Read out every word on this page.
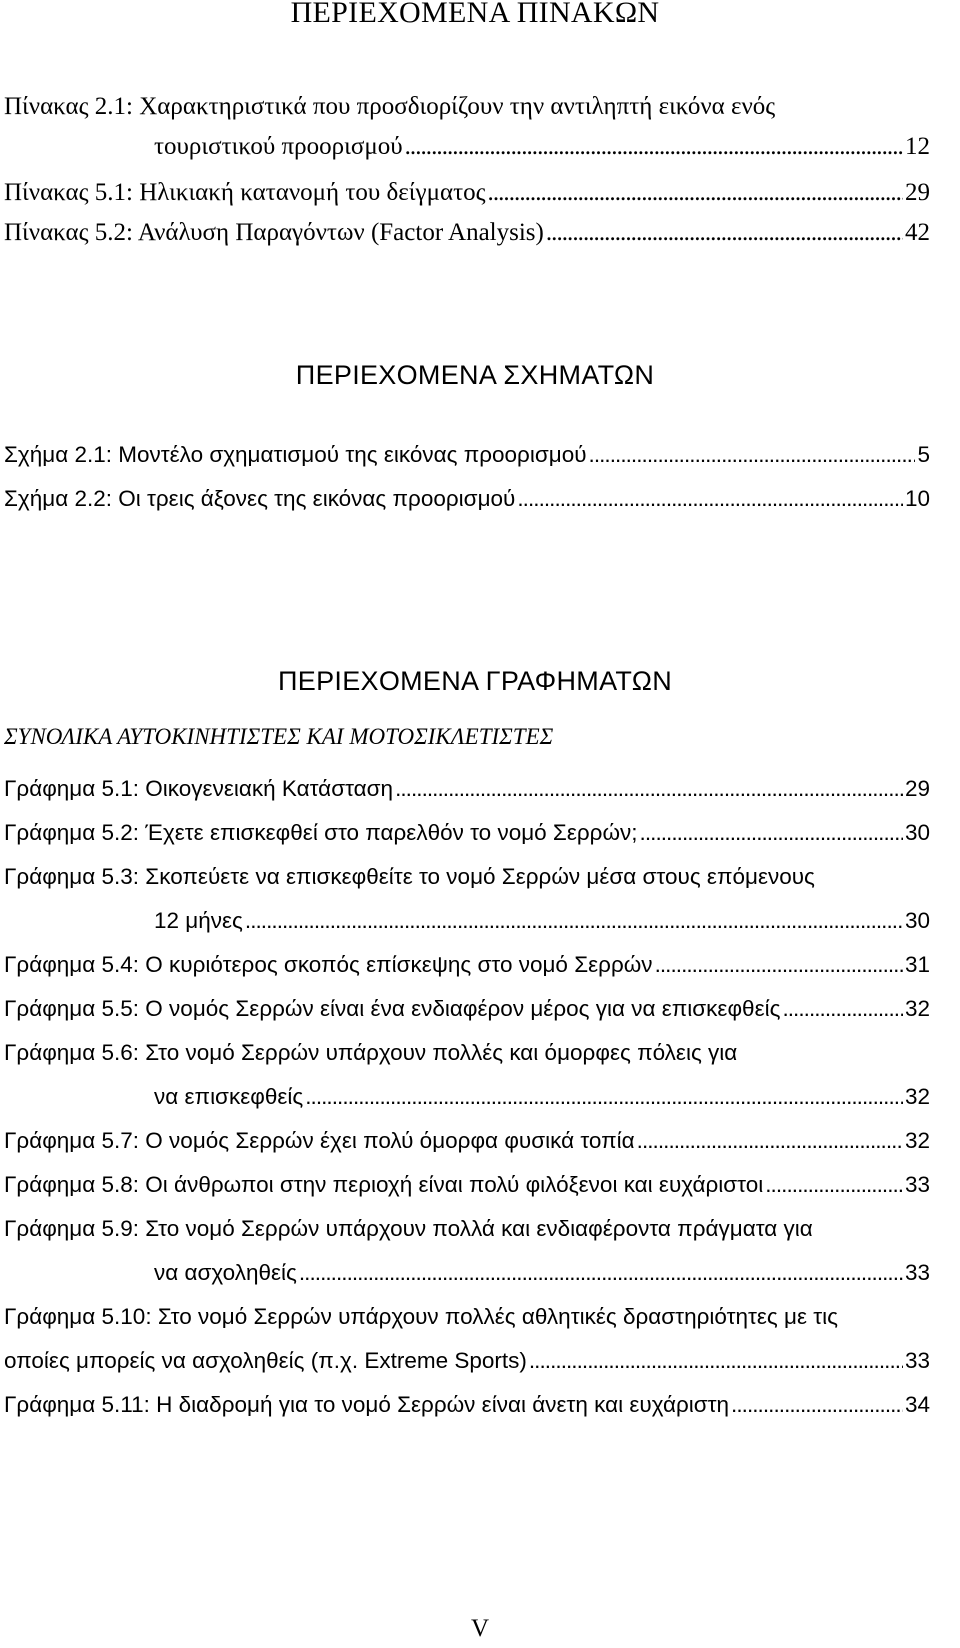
ΠΕΡΙΕΧΟΜΕΝΑ ΠΙΝΑΚΩΝ
Πίνακας 2.1: Χαρακτηριστικά που προσδιορίζουν την αντιληπτή εικόνα ενός
τουριστικού προορισμού . . .	12
Πίνακας 5.1: Ηλικιακή κατανομή του δείγματος . . .	29
Πίνακας 5.2: Ανάλυση Παραγόντων (Factor Analysis) . . .	42
ΠΕΡΙΕΧΟΜΕΝΑ ΣΧΗΜΑΤΩΝ
Σχήμα 2.1: Μοντέλο σχηματισμού της εικόνας προορισμού . . .	5
Σχήμα 2.2: Οι τρεις άξονες της εικόνας προορισμού . . .	10
ΠΕΡΙΕΧΟΜΕΝΑ ΓΡΑΦΗΜΑΤΩΝ
ΣΥΝΟΛΙΚΑ ΑΥΤΟΚΙΝΗΤΙΣΤΕΣ ΚΑΙ ΜΟΤΟΣΙΚΛΕΤΙΣΤΕΣ
Γράφημα 5.1: Οικογενειακή Κατάσταση . . .	29
Γράφημα 5.2: Έχετε επισκεφθεί στο παρελθόν το νομό Σερρών; . . .	30
Γράφημα 5.3: Σκοπεύετε να επισκεφθείτε το νομό Σερρών μέσα στους επόμενους
12 μήνες . . .	30
Γράφημα 5.4: Ο κυριότερος σκοπός επίσκεψης στο νομό Σερρών . . .	31
Γράφημα 5.5: Ο νομός Σερρών είναι ένα ενδιαφέρον μέρος για να επισκεφθείς . . .	32
Γράφημα 5.6: Στο νομό Σερρών υπάρχουν πολλές και όμορφες πόλεις για
να επισκεφθείς . . .	32
Γράφημα 5.7: Ο νομός Σερρών έχει πολύ όμορφα φυσικά τοπία . . .	32
Γράφημα 5.8: Οι άνθρωποι στην περιοχή είναι πολύ φιλόξενοι και ευχάριστοι . . .	33
Γράφημα 5.9: Στο νομό Σερρών υπάρχουν πολλά και ενδιαφέροντα πράγματα για
να ασχοληθείς . . .	33
Γράφημα 5.10: Στο νομό Σερρών υπάρχουν πολλές αθλητικές δραστηριότητες με τις
οποίες μπορείς να ασχοληθείς (π.χ. Extreme Sports) . . .	33
Γράφημα 5.11: Η διαδρομή για το νομό Σερρών είναι άνετη και ευχάριστη . . .	34
V
